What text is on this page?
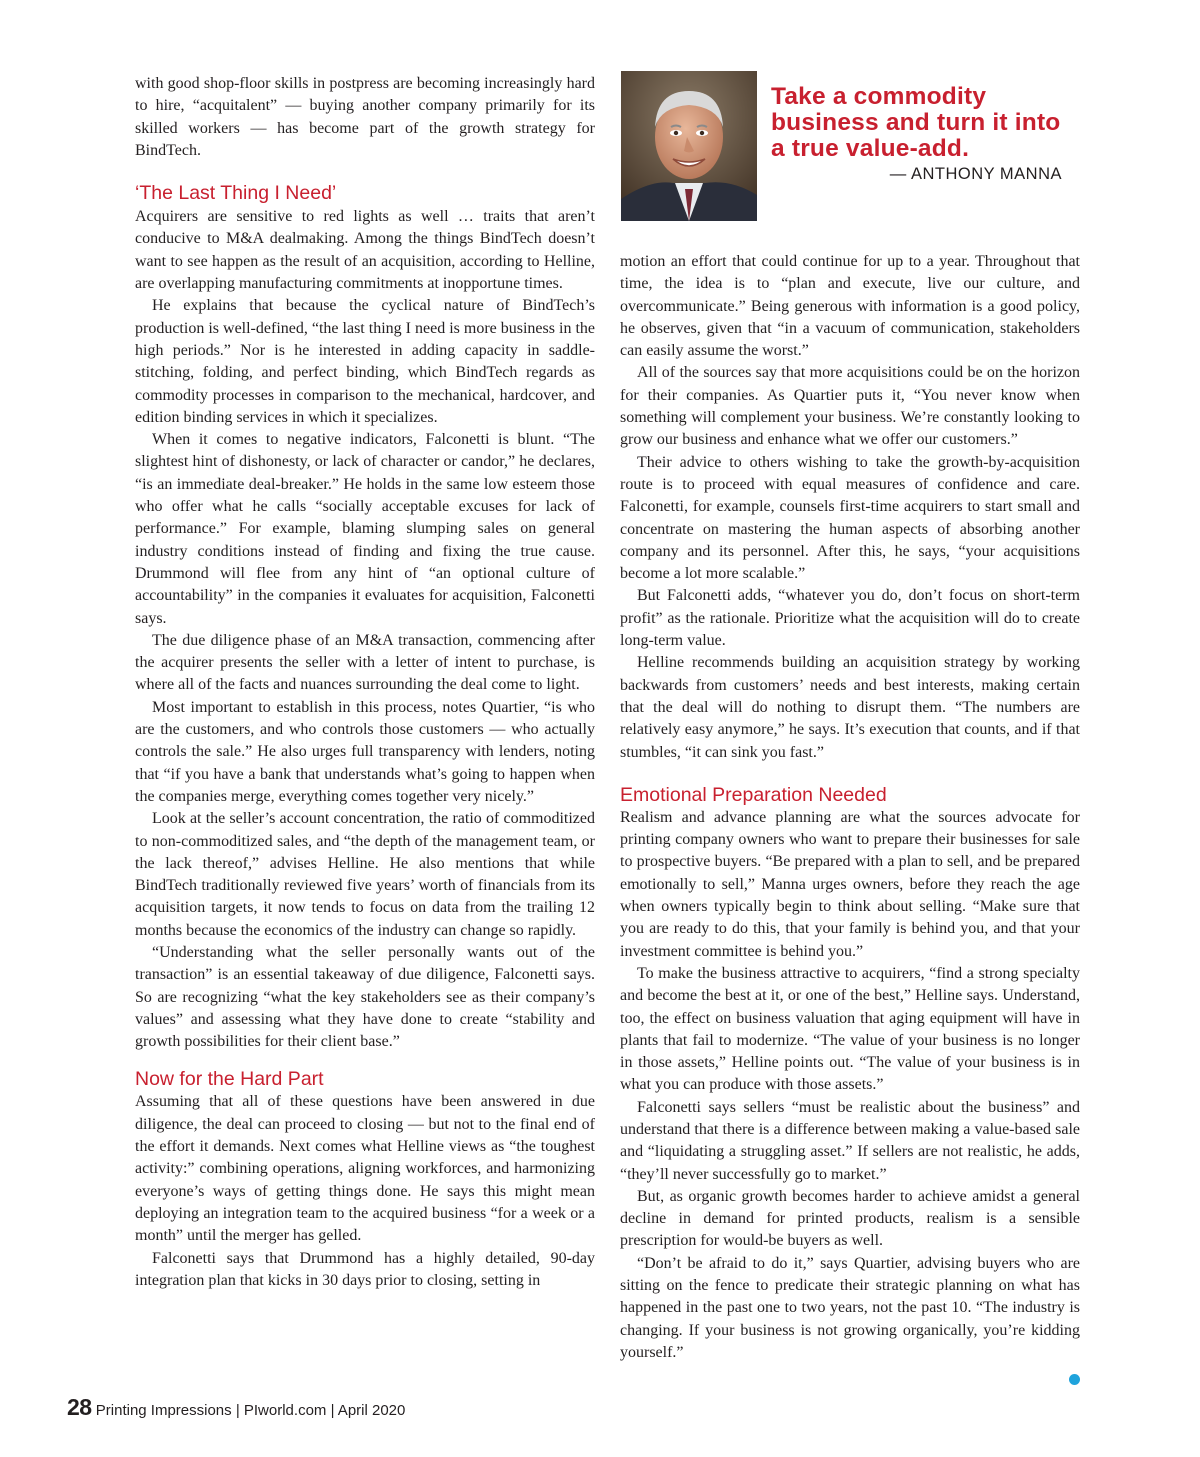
with good shop-floor skills in postpress are becoming increasingly hard to hire, “acquitalent” — buying another company primarily for its skilled workers — has become part of the growth strategy for BindTech.

‘The Last Thing I Need’

Acquirers are sensitive to red lights as well … traits that aren’t conducive to M&A dealmaking. Among the things BindTech doesn’t want to see happen as the result of an acquisition, according to Helline, are overlapping manufacturing commitments at inopportune times.

He explains that because the cyclical nature of BindTech’s production is well-defined, “the last thing I need is more business in the high periods.” Nor is he interested in adding capacity in saddle-stitching, folding, and perfect binding, which BindTech regards as commodity processes in comparison to the mechanical, hardcover, and edition binding services in which it specializes.

When it comes to negative indicators, Falconetti is blunt. “The slightest hint of dishonesty, or lack of character or candor,” he declares, “is an immediate deal-breaker.” He holds in the same low esteem those who offer what he calls “socially acceptable excuses for lack of performance.” For example, blaming slumping sales on general industry conditions instead of finding and fixing the true cause. Drummond will flee from any hint of “an optional culture of accountability” in the companies it evaluates for acquisition, Falconetti says.

The due diligence phase of an M&A transaction, commencing after the acquirer presents the seller with a letter of intent to purchase, is where all of the facts and nuances surrounding the deal come to light.

Most important to establish in this process, notes Quartier, “is who are the customers, and who controls those customers — who actually controls the sale.” He also urges full transparency with lenders, noting that “if you have a bank that understands what’s going to happen when the companies merge, everything comes together very nicely.”

Look at the seller’s account concentration, the ratio of commoditized to non-commoditized sales, and “the depth of the management team, or the lack thereof,” advises Helline. He also mentions that while BindTech traditionally reviewed five years’ worth of financials from its acquisition targets, it now tends to focus on data from the trailing 12 months because the economics of the industry can change so rapidly.

“Understanding what the seller personally wants out of the transaction” is an essential takeaway of due diligence, Falconetti says. So are recognizing “what the key stakeholders see as their company’s values” and assessing what they have done to create “stability and growth possibilities for their client base.”

Now for the Hard Part

Assuming that all of these questions have been answered in due diligence, the deal can proceed to closing — but not to the final end of the effort it demands. Next comes what Helline views as “the toughest activity:” combining operations, aligning workforces, and harmonizing everyone’s ways of getting things done. He says this might mean deploying an integration team to the acquired business “for a week or a month” until the merger has gelled.

Falconetti says that Drummond has a highly detailed, 90-day integration plan that kicks in 30 days prior to closing, setting in

Take a commodity business and turn it into a true value-add.
— ANTHONY MANNA

motion an effort that could continue for up to a year. Throughout that time, the idea is to “plan and execute, live our culture, and overcommunicate.” Being generous with information is a good policy, he observes, given that “in a vacuum of communication, stakeholders can easily assume the worst.”

All of the sources say that more acquisitions could be on the horizon for their companies. As Quartier puts it, “You never know when something will complement your business. We’re constantly looking to grow our business and enhance what we offer our customers.”

Their advice to others wishing to take the growth-by-acquisition route is to proceed with equal measures of confidence and care. Falconetti, for example, counsels first-time acquirers to start small and concentrate on mastering the human aspects of absorbing another company and its personnel. After this, he says, “your acquisitions become a lot more scalable.”

But Falconetti adds, “whatever you do, don’t focus on short-term profit” as the rationale. Prioritize what the acquisition will do to create long-term value.

Helline recommends building an acquisition strategy by working backwards from customers’ needs and best interests, making certain that the deal will do nothing to disrupt them. “The numbers are relatively easy anymore,” he says. It’s execution that counts, and if that stumbles, “it can sink you fast.”

Emotional Preparation Needed

Realism and advance planning are what the sources advocate for printing company owners who want to prepare their businesses for sale to prospective buyers. “Be prepared with a plan to sell, and be prepared emotionally to sell,” Manna urges owners, before they reach the age when owners typically begin to think about selling. “Make sure that you are ready to do this, that your family is behind you, and that your investment committee is behind you.”

To make the business attractive to acquirers, “find a strong specialty and become the best at it, or one of the best,” Helline says. Understand, too, the effect on business valuation that aging equipment will have in plants that fail to modernize. “The value of your business is no longer in those assets,” Helline points out. “The value of your business is in what you can produce with those assets.”

Falconetti says sellers “must be realistic about the business” and understand that there is a difference between making a value-based sale and “liquidating a struggling asset.” If sellers are not realistic, he adds, “they’ll never successfully go to market.”

But, as organic growth becomes harder to achieve amidst a general decline in demand for printed products, realism is a sensible prescription for would-be buyers as well.

“Don’t be afraid to do it,” says Quartier, advising buyers who are sitting on the fence to predicate their strategic planning on what has happened in the past one to two years, not the past 10. “The industry is changing. If your business is not growing organically, you’re kidding yourself.”

28 Printing Impressions | PIworld.com | April 2020
